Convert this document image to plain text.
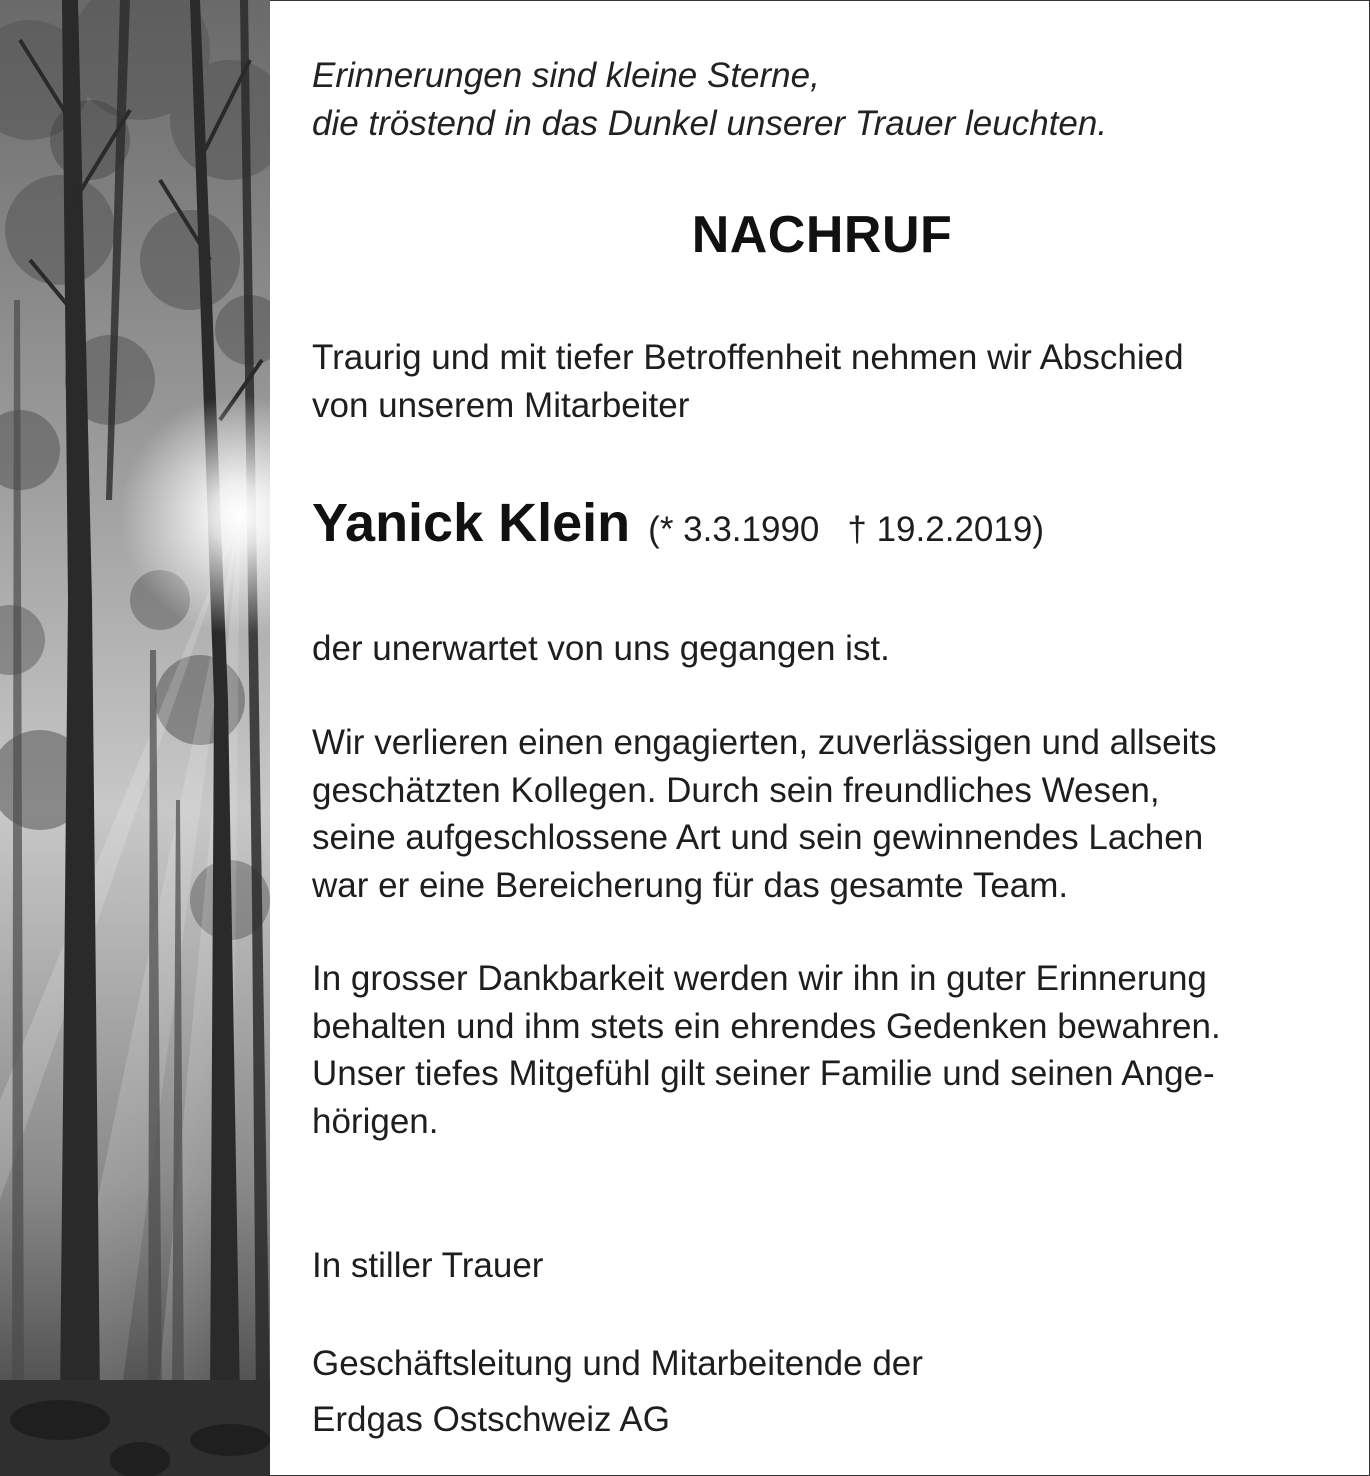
Erinnerungen sind kleine Sterne,
die tröstend in das Dunkel unserer Trauer leuchten.
NACHRUF
Traurig und mit tiefer Betroffenheit nehmen wir Abschied
von unserem Mitarbeiter
Yanick Klein (* 3.3.1990 † 19.2.2019)
der unerwartet von uns gegangen ist.
Wir verlieren einen engagierten, zuverlässigen und allseits
geschätzten Kollegen. Durch sein freundliches Wesen,
seine aufgeschlossene Art und sein gewinnendes Lachen
war er eine Bereicherung für das gesamte Team.
In grosser Dankbarkeit werden wir ihn in guter Erinnerung
behalten und ihm stets ein ehrendes Gedenken bewahren.
Unser tiefes Mitgefühl gilt seiner Familie und seinen Ange-
hörigen.
In stiller Trauer
Geschäftsleitung und Mitarbeitende der
Erdgas Ostschweiz AG
